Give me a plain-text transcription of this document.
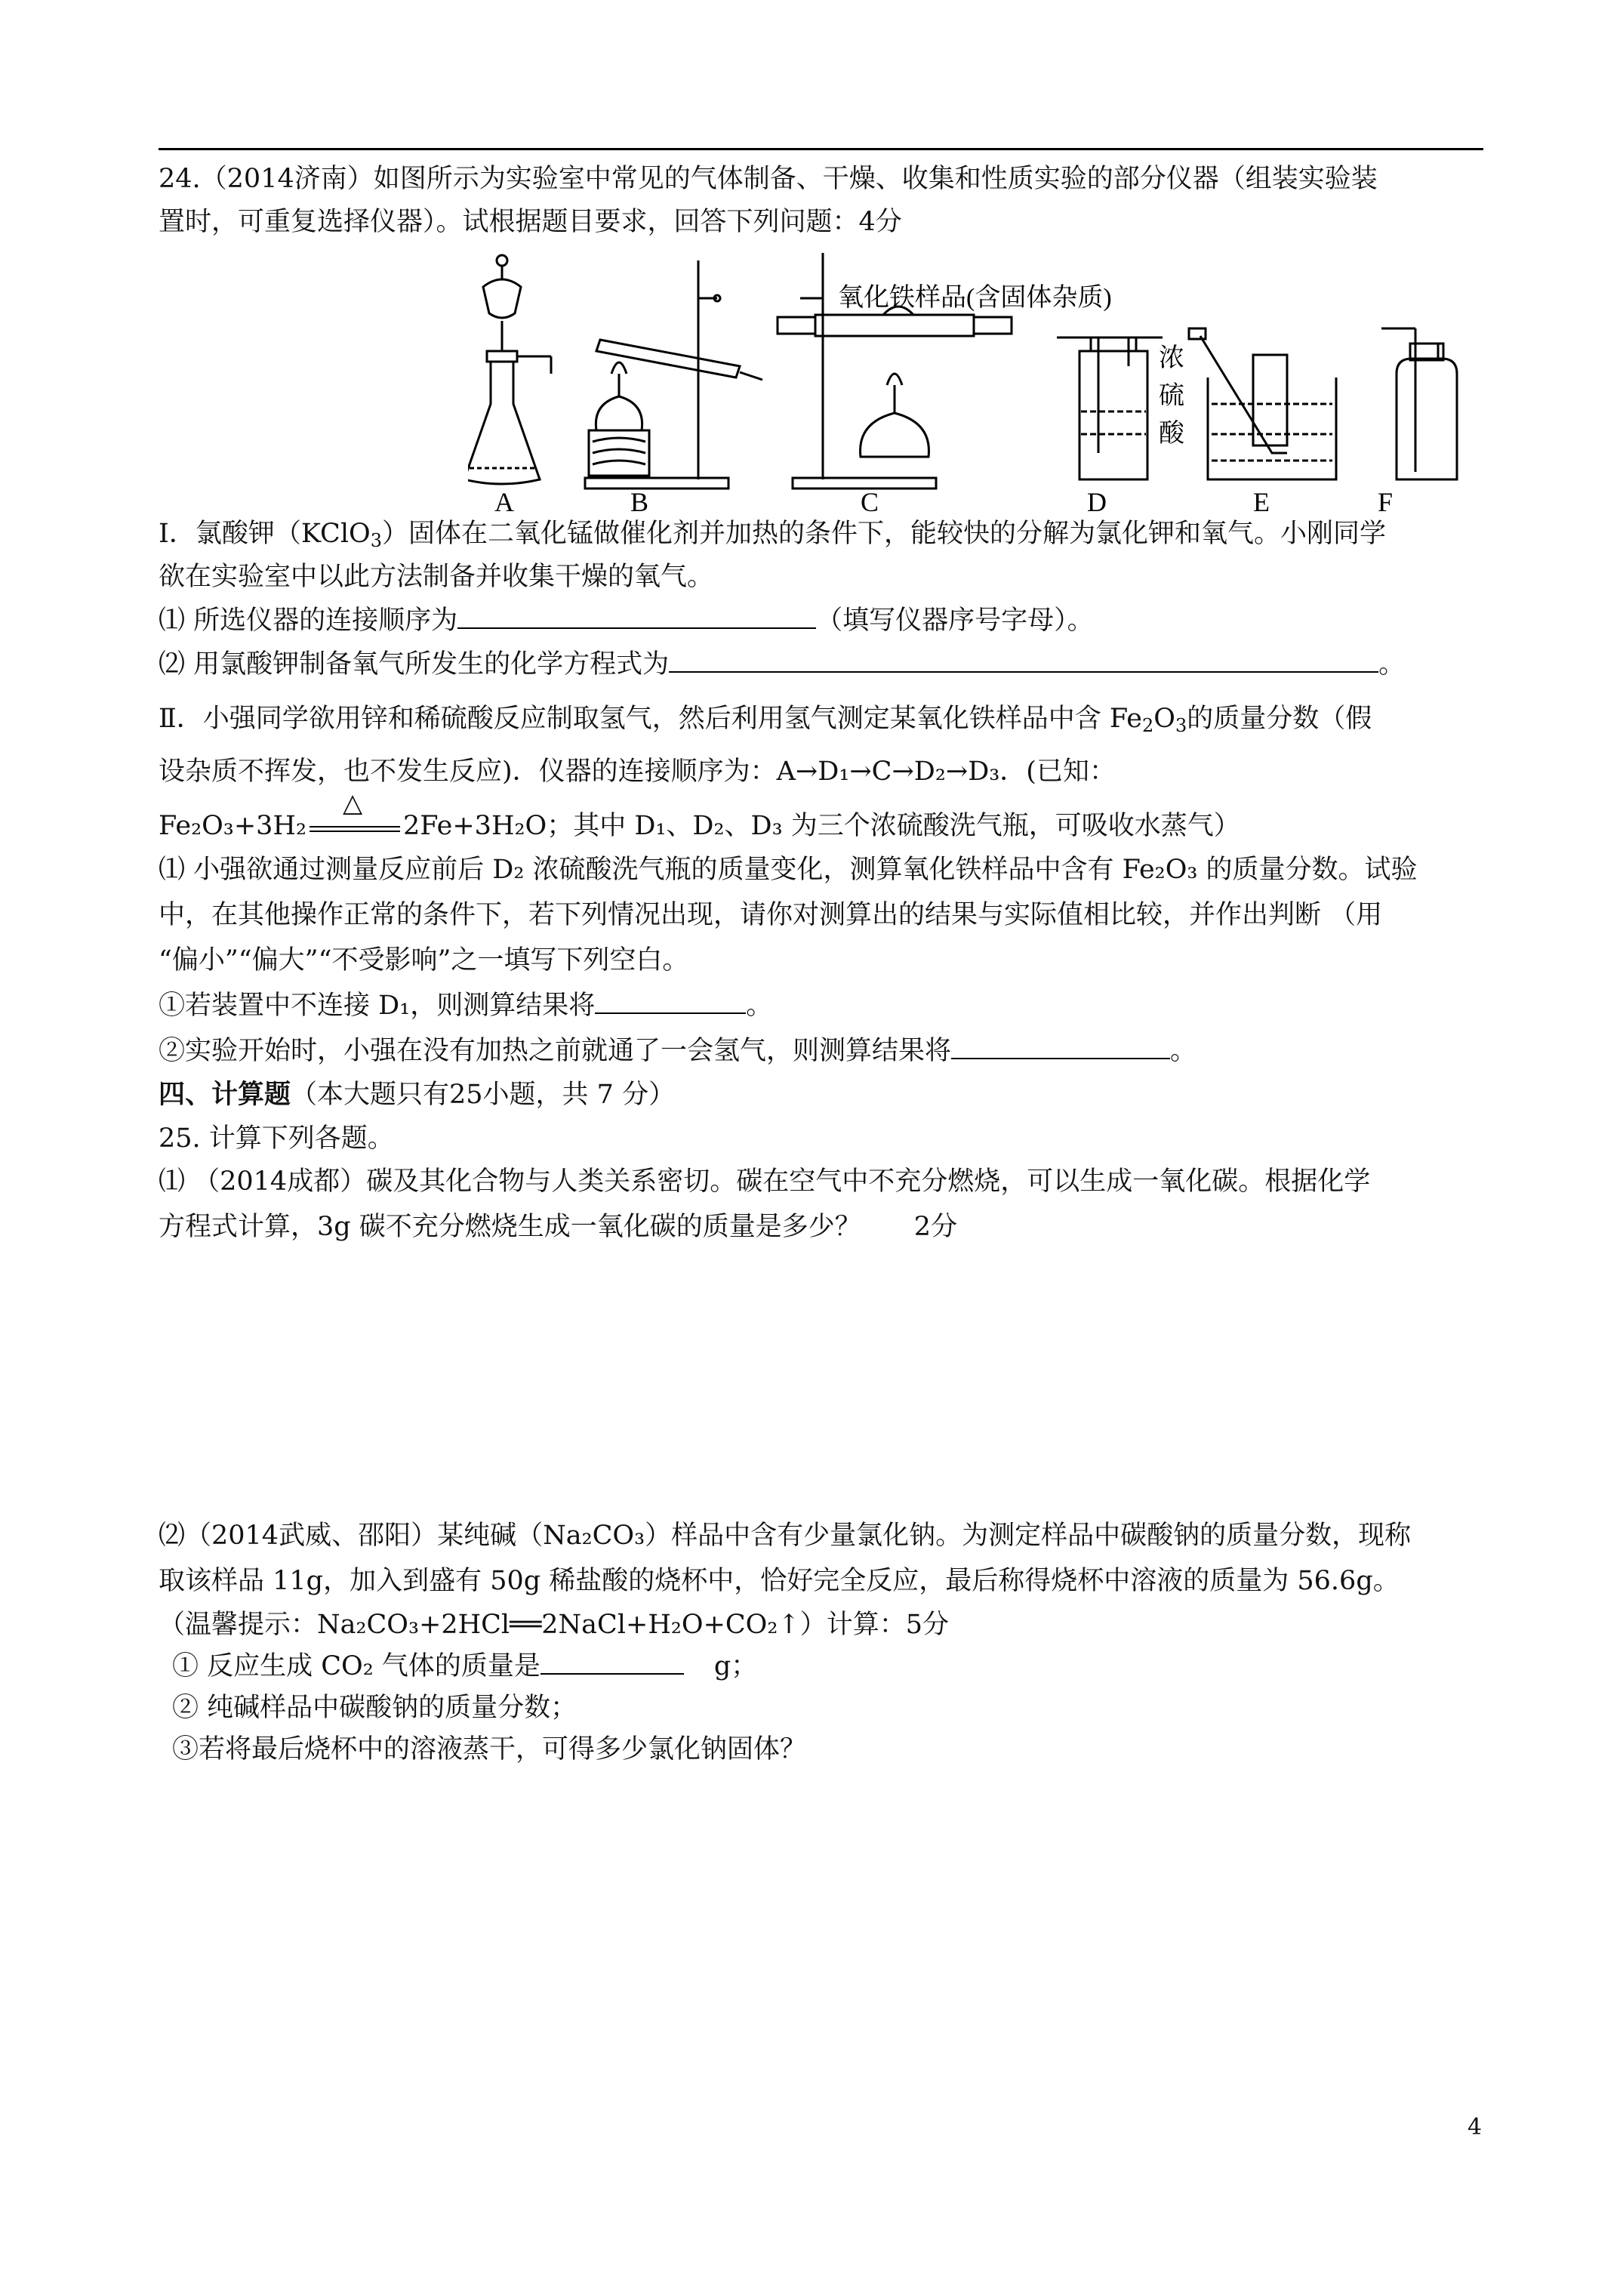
24.（2014济南）如图所示为实验室中常见的气体制备、干燥、收集和性质实验的部分仪器（组装实验装
置时，可重复选择仪器）。试根据题目要求，回答下列问题：4分
氧化铁样品(含固体杂质)
浓
硫
酸
A	B	C	D	E	F
Ⅰ．氯酸钾（KClO$_3$）固体在二氧化锰做催化剂并加热的条件下，能较快的分解为氯化钾和氧气。小刚同学
欲在实验室中以此方法制备并收集干燥的氧气。
⑴ 所选仪器的连接顺序为	（填写仪器序号字母）。
⑵ 用氯酸钾制备氧气所发生的化学方程式为	。
Ⅱ．小强同学欲用锌和稀硫酸反应制取氢气，然后利用氢气测定某氧化铁样品中含 $Fe_2O_3$的质量分数（假
设杂质不挥发，也不发生反应)．仪器的连接顺序为：A→D₁→C→D₂→D₃．(已知：
Fe₂O₃+3H₂
△
2Fe+3H₂O；其中 D₁、D₂、D₃ 为三个浓硫酸洗气瓶，可吸收水蒸气）
⑴ 小强欲通过测量反应前后 D₂ 浓硫酸洗气瓶的质量变化，测算氧化铁样品中含有 Fe₂O₃ 的质量分数。试验
中，在其他操作正常的条件下，若下列情况出现，请你对测算出的结果与实际值相比较，并作出判断 （用
“偏小”“偏大”“不受影响”之一填写下列空白。
①若装置中不连接 D₁，则测算结果将	。
②实验开始时，小强在没有加热之前就通了一会氢气，则测算结果将	。
四、计算题（本大题只有25小题，共 7 分）
25. 计算下列各题。
⑴ （2014成都）碳及其化合物与人类关系密切。碳在空气中不充分燃烧，可以生成一氧化碳。根据化学
方程式计算，3g 碳不充分燃烧生成一氧化碳的质量是多少？　　2分
⑵（2014武威、邵阳）某纯碱（Na₂CO₃）样品中含有少量氯化钠。为测定样品中碳酸钠的质量分数，现称
取该样品 11g，加入到盛有 50g 稀盐酸的烧杯中，恰好完全反应，最后称得烧杯中溶液的质量为 56.6g。
（温馨提示：Na₂CO₃+2HCl══2NaCl+H₂O+CO₂↑）计算：5分
① 反应生成 CO₂ 气体的质量是	g；
② 纯碱样品中碳酸钠的质量分数；
③若将最后烧杯中的溶液蒸干，可得多少氯化钠固体？
4
